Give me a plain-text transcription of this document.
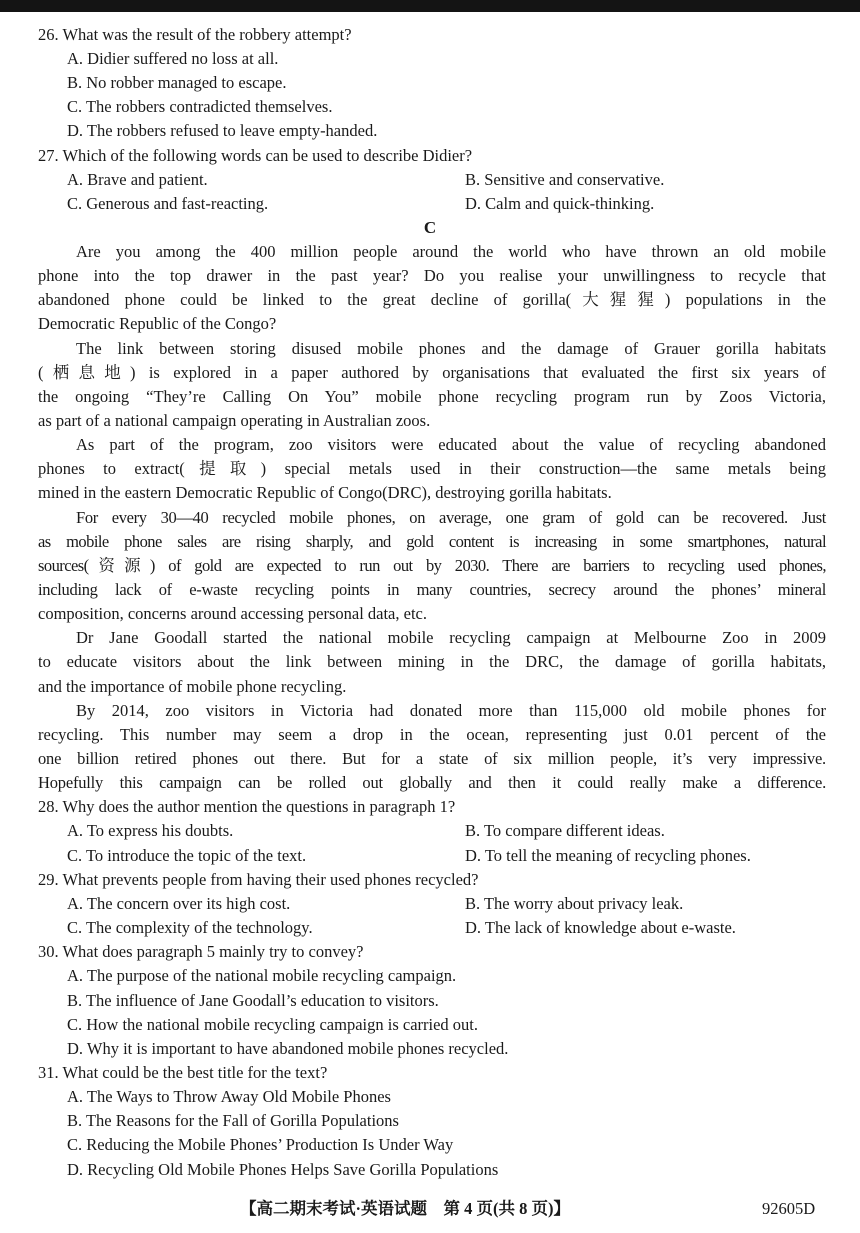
26. What was the result of the robbery attempt?
A. Didier suffered no loss at all.
B. No robber managed to escape.
C. The robbers contradicted themselves.
D. The robbers refused to leave empty-handed.
27. Which of the following words can be used to describe Didier?
A. Brave and patient.	B. Sensitive and conservative.
C. Generous and fast-reacting.	D. Calm and quick-thinking.
C
Are you among the 400 million people around the world who have thrown an old mobile
phone into the top drawer in the past year? Do you realise your unwillingness to recycle that
abandoned phone could be linked to the great decline of gorilla(大猩猩) populations in the
Democratic Republic of the Congo?
The link between storing disused mobile phones and the damage of Grauer gorilla habitats
(栖息地) is explored in a paper authored by organisations that evaluated the first six years of
the ongoing “They’re Calling On You” mobile phone recycling program run by Zoos Victoria,
as part of a national campaign operating in Australian zoos.
As part of the program, zoo visitors were educated about the value of recycling abandoned
phones to extract(提取) special metals used in their construction—the same metals being
mined in the eastern Democratic Republic of Congo(DRC), destroying gorilla habitats.
For every 30—40 recycled mobile phones, on average, one gram of gold can be recovered. Just
as mobile phone sales are rising sharply, and gold content is increasing in some smartphones, natural
sources(资源) of gold are expected to run out by 2030. There are barriers to recycling used phones,
including lack of e-waste recycling points in many countries, secrecy around the phones’ mineral
composition, concerns around accessing personal data, etc.
Dr Jane Goodall started the national mobile recycling campaign at Melbourne Zoo in 2009
to educate visitors about the link between mining in the DRC, the damage of gorilla habitats,
and the importance of mobile phone recycling.
By 2014, zoo visitors in Victoria had donated more than 115,000 old mobile phones for
recycling. This number may seem a drop in the ocean, representing just 0.01 percent of the
one billion retired phones out there. But for a state of six million people, it’s very impressive.
Hopefully this campaign can be rolled out globally and then it could really make a difference.
28. Why does the author mention the questions in paragraph 1?
A. To express his doubts.	B. To compare different ideas.
C. To introduce the topic of the text.	D. To tell the meaning of recycling phones.
29. What prevents people from having their used phones recycled?
A. The concern over its high cost.	B. The worry about privacy leak.
C. The complexity of the technology.	D. The lack of knowledge about e-waste.
30. What does paragraph 5 mainly try to convey?
A. The purpose of the national mobile recycling campaign.
B. The influence of Jane Goodall’s education to visitors.
C. How the national mobile recycling campaign is carried out.
D. Why it is important to have abandoned mobile phones recycled.
31. What could be the best title for the text?
A. The Ways to Throw Away Old Mobile Phones
B. The Reasons for the Fall of Gorilla Populations
C. Reducing the Mobile Phones’ Production Is Under Way
D. Recycling Old Mobile Phones Helps Save Gorilla Populations
【高二期末考试·英语试题　第 4 页(共 8 页)】	92605D
